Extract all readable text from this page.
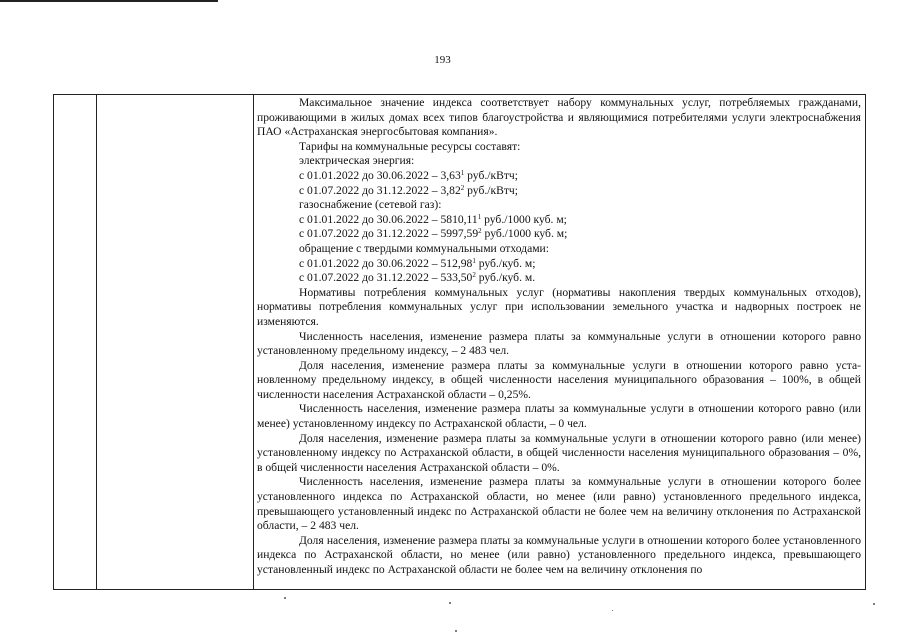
193

Максимальное значение индекса соответствует набору коммунальных услуг, потребляемых гражданами, проживающими в жилых домах всех типов благоустройства и являющимися потребителями услуги электроснабжения ПАО «Астраханская энергосбытовая компания».

Тарифы на коммунальные ресурсы составят:

электрическая энергия:

с 01.01.2022 до 30.06.2022 – 3,63$^1$ руб./кВтч;

с 01.07.2022 до 31.12.2022 – 3,82$^2$ руб./кВтч;

газоснабжение (сетевой газ):

с 01.01.2022 до 30.06.2022 – 5810,11$^1$ руб./1000 куб. м;

с 01.07.2022 до 31.12.2022 – 5997,59$^2$ руб./1000 куб. м;

обращение с твердыми коммунальными отходами:

с 01.01.2022 до 30.06.2022 – 512,98$^1$ руб./куб. м;

с 01.07.2022 до 31.12.2022 – 533,50$^2$ руб./куб. м.

Нормативы потребления коммунальных услуг (нормативы накопления твердых коммунальных отходов), нормативы потребления коммунальных услуг при использовании земельного участка и надворных построек не изменяются.

Численность населения, изменение размера платы за коммунальные услуги в отношении которого равно установленному предельному индексу, – 2 483 чел.

Доля населения, изменение размера платы за коммунальные услуги в отношении которого равно установленному предельному индексу, в общей численности населения муниципального образования – 100%, в общей численности населения Астраханской области – 0,25%.

Численность населения, изменение размера платы за коммунальные услуги в отношении которого равно (или менее) установленному индексу по Астраханской области, – 0 чел.

Доля населения, изменение размера платы за коммунальные услуги в отношении которого равно (или менее) установленному индексу по Астраханской области, в общей численности населения муниципального образования – 0%, в общей численности населения Астраханской области – 0%.

Численность населения, изменение размера платы за коммунальные услуги в отношении которого более установленного индекса по Астраханской области, но менее (или равно) установленного предельного индекса, превышающего установленный индекс по Астраханской области не более чем на величину отклонения по Астраханской области, – 2 483 чел.

Доля населения, изменение размера платы за коммунальные услуги в отношении которого более установленного индекса по Астраханской области, но менее (или равно) установленного предельного индекса, превышающего установленный индекс по Астраханской области не более чем на величину отклонения по
